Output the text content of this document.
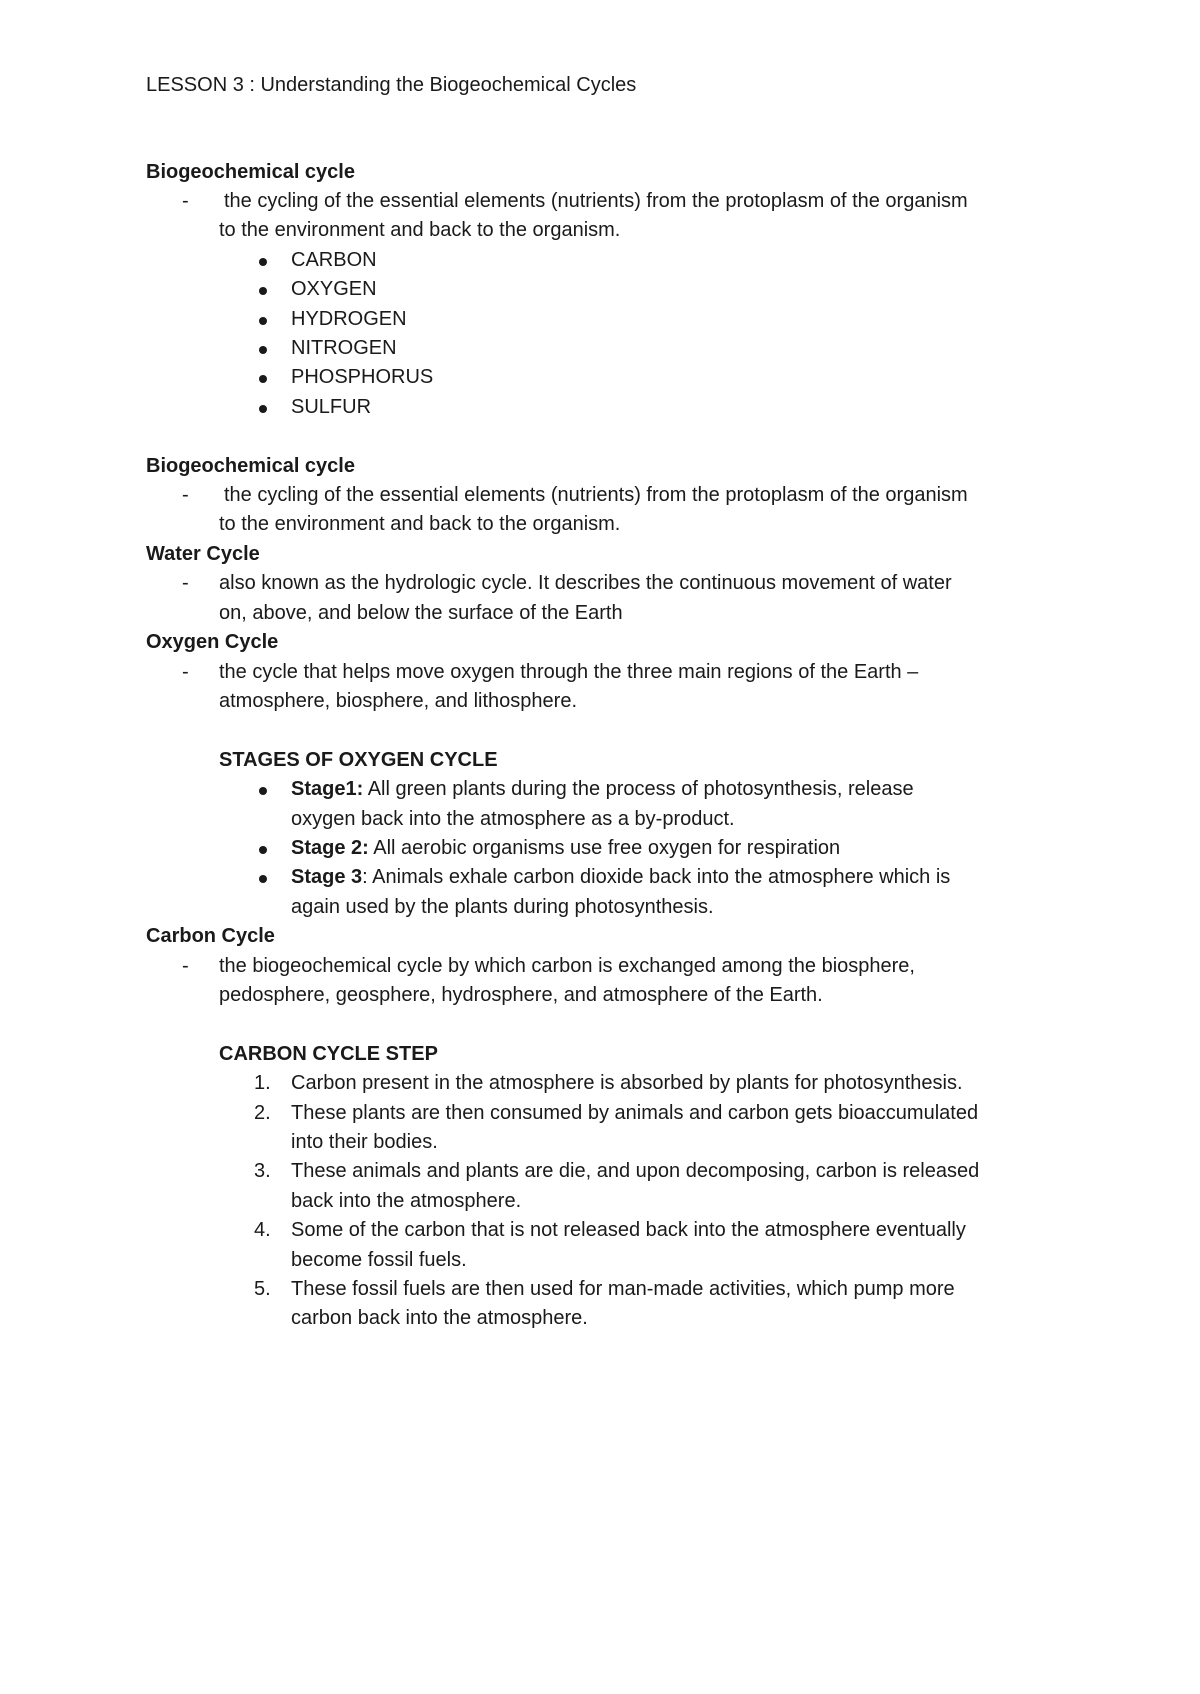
LESSON 3 : Understanding the Biogeochemical Cycles
Biogeochemical cycle
- the cycling of the essential elements (nutrients) from the protoplasm of the organism
to the environment and back to the organism.
CARBON
OXYGEN
HYDROGEN
NITROGEN
PHOSPHORUS
SULFUR
Biogeochemical cycle
- the cycling of the essential elements (nutrients) from the protoplasm of the organism
to the environment and back to the organism.
Water Cycle
- also known as the hydrologic cycle. It describes the continuous movement of water
on, above, and below the surface of the Earth
Oxygen Cycle
- the cycle that helps move oxygen through the three main regions of the Earth –
atmosphere, biosphere, and lithosphere.
STAGES OF OXYGEN CYCLE
Stage1: All green plants during the process of photosynthesis, release
oxygen back into the atmosphere as a by-product.
Stage 2: All aerobic organisms use free oxygen for respiration
Stage 3: Animals exhale carbon dioxide back into the atmosphere which is
again used by the plants during photosynthesis.
Carbon Cycle
- the biogeochemical cycle by which carbon is exchanged among the biosphere,
pedosphere, geosphere, hydrosphere, and atmosphere of the Earth.
CARBON CYCLE STEP
1. Carbon present in the atmosphere is absorbed by plants for photosynthesis.
2. These plants are then consumed by animals and carbon gets bioaccumulated
into their bodies.
3. These animals and plants are die, and upon decomposing, carbon is released
back into the atmosphere.
4. Some of the carbon that is not released back into the atmosphere eventually
become fossil fuels.
5. These fossil fuels are then used for man-made activities, which pump more
carbon back into the atmosphere.
